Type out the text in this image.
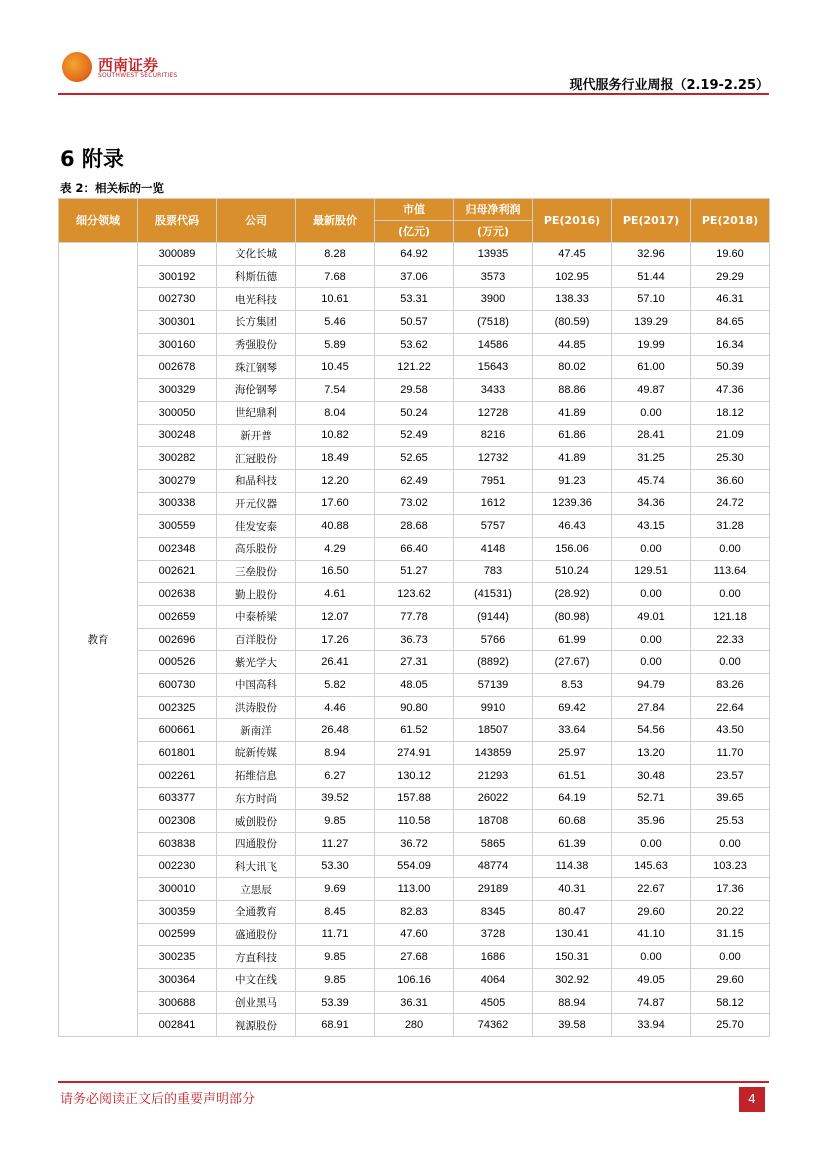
西南证券
SOUTHWEST SECURITIES
现代服务行业周报（2.19-2.25）
6 附录
表 2：相关标的一览
细分领域	股票代码	公司	最新股价	市值	归母净利润	PE(2016)	PE(2017)	PE(2018)
				(亿元)	(万元)			
教育	300089	文化长城	8.28	64.92	13935	47.45	32.96	19.60
	300192	科斯伍德	7.68	37.06	3573	102.95	51.44	29.29
	002730	电光科技	10.61	53.31	3900	138.33	57.10	46.31
	300301	长方集团	5.46	50.57	(7518)	(80.59)	139.29	84.65
	300160	秀强股份	5.89	53.62	14586	44.85	19.99	16.34
	002678	珠江钢琴	10.45	121.22	15643	80.02	61.00	50.39
	300329	海伦钢琴	7.54	29.58	3433	88.86	49.87	47.36
	300050	世纪鼎利	8.04	50.24	12728	41.89	0.00	18.12
	300248	新开普	10.82	52.49	8216	61.86	28.41	21.09
	300282	汇冠股份	18.49	52.65	12732	41.89	31.25	25.30
	300279	和晶科技	12.20	62.49	7951	91.23	45.74	36.60
	300338	开元仪器	17.60	73.02	1612	1239.36	34.36	24.72
	300559	佳发安泰	40.88	28.68	5757	46.43	43.15	31.28
	002348	高乐股份	4.29	66.40	4148	156.06	0.00	0.00
	002621	三垒股份	16.50	51.27	783	510.24	129.51	113.64
	002638	勤上股份	4.61	123.62	(41531)	(28.92)	0.00	0.00
	002659	中泰桥梁	12.07	77.78	(9144)	(80.98)	49.01	121.18
	002696	百洋股份	17.26	36.73	5766	61.99	0.00	22.33
	000526	紫光学大	26.41	27.31	(8892)	(27.67)	0.00	0.00
	600730	中国高科	5.82	48.05	57139	8.53	94.79	83.26
	002325	洪涛股份	4.46	90.80	9910	69.42	27.84	22.64
	600661	新南洋	26.48	61.52	18507	33.64	54.56	43.50
	601801	皖新传媒	8.94	274.91	143859	25.97	13.20	11.70
	002261	拓维信息	6.27	130.12	21293	61.51	30.48	23.57
	603377	东方时尚	39.52	157.88	26022	64.19	52.71	39.65
	002308	威创股份	9.85	110.58	18708	60.68	35.96	25.53
	603838	四通股份	11.27	36.72	5865	61.39	0.00	0.00
	002230	科大讯飞	53.30	554.09	48774	114.38	145.63	103.23
	300010	立思辰	9.69	113.00	29189	40.31	22.67	17.36
	300359	全通教育	8.45	82.83	8345	80.47	29.60	20.22
	002599	盛通股份	11.71	47.60	3728	130.41	41.10	31.15
	300235	方直科技	9.85	27.68	1686	150.31	0.00	0.00
	300364	中文在线	9.85	106.16	4064	302.92	49.05	29.60
	300688	创业黑马	53.39	36.31	4505	88.94	74.87	58.12
	002841	视源股份	68.91	280	74362	39.58	33.94	25.70
请务必阅读正文后的重要声明部分	4
